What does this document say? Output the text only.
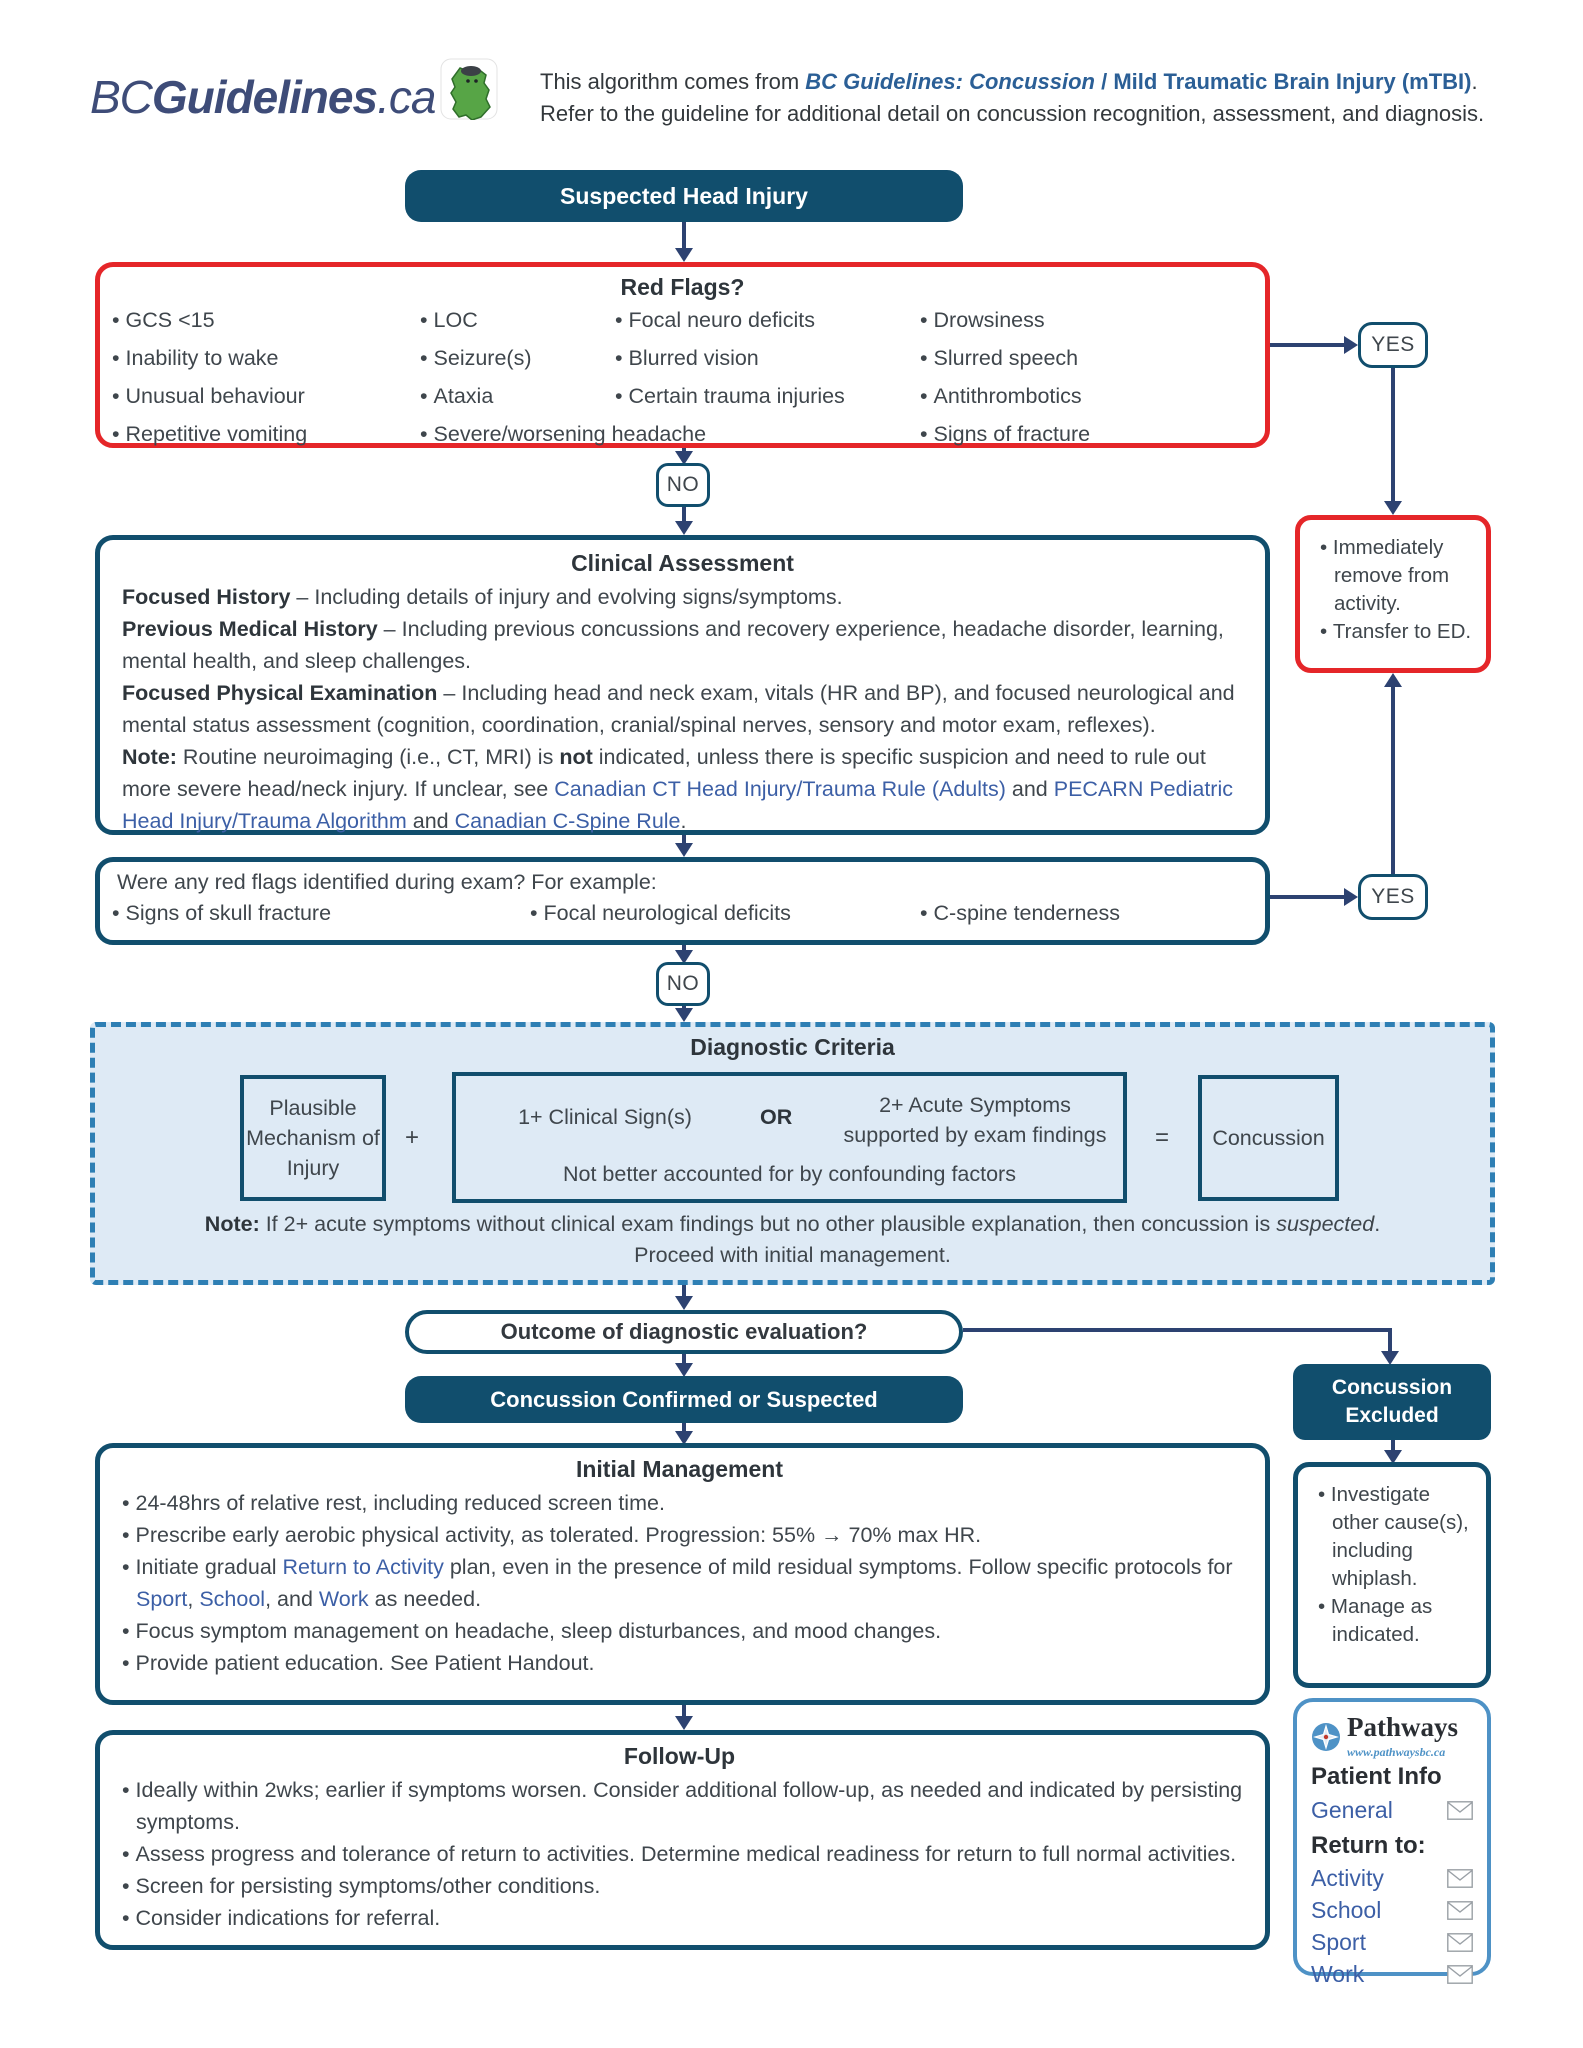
BCGuidelines.ca	This algorithm comes from BC Guidelines: Concussion / Mild Traumatic Brain Injury (mTBI).
Refer to the guideline for additional detail on concussion recognition, assessment, and diagnosis.
Suspected Head Injury
Red Flags?
• GCS <15
• Inability to wake
• Unusual behaviour
• Repetitive vomiting
• LOC
• Seizure(s)
• Ataxia
• Severe/worsening headache
• Focal neuro deficits
• Blurred vision
• Certain trauma injuries
• Drowsiness
• Slurred speech
• Antithrombotics
• Signs of fracture
YES
NO
• Immediately remove from activity.
• Transfer to ED.
Clinical Assessment
Focused History – Including details of injury and evolving signs/symptoms.
Previous Medical History – Including previous concussions and recovery experience, headache disorder, learning, mental health, and sleep challenges.
Focused Physical Examination – Including head and neck exam, vitals (HR and BP), and focused neurological and mental status assessment (cognition, coordination, cranial/spinal nerves, sensory and motor exam, reflexes).
Note: Routine neuroimaging (i.e., CT, MRI) is not indicated, unless there is specific suspicion and need to rule out more severe head/neck injury. If unclear, see Canadian CT Head Injury/Trauma Rule (Adults) and PECARN Pediatric Head Injury/Trauma Algorithm and Canadian C-Spine Rule.
Were any red flags identified during exam? For example:
• Signs of skull fracture	• Focal neurological deficits	• C-spine tenderness
YES
NO
Diagnostic Criteria
Plausible Mechanism of Injury
+
1+ Clinical Sign(s)	OR	2+ Acute Symptoms
supported by exam findings
Not better accounted for by confounding factors
=	Concussion
Note: If 2+ acute symptoms without clinical exam findings but no other plausible explanation, then concussion is suspected.
Proceed with initial management.
Outcome of diagnostic evaluation?
Concussion Confirmed or Suspected	Concussion Excluded
Initial Management
• 24-48hrs of relative rest, including reduced screen time.
• Prescribe early aerobic physical activity, as tolerated. Progression: 55% → 70% max HR.
• Initiate gradual Return to Activity plan, even in the presence of mild residual symptoms. Follow specific protocols for Sport, School, and Work as needed.
• Focus symptom management on headache, sleep disturbances, and mood changes.
• Provide patient education. See Patient Handout.
Follow-Up
• Ideally within 2wks; earlier if symptoms worsen. Consider additional follow-up, as needed and indicated by persisting symptoms.
• Assess progress and tolerance of return to activities. Determine medical readiness for return to full normal activities.
• Screen for persisting symptoms/other conditions.
• Consider indications for referral.
• Investigate other cause(s), including whiplash.
• Manage as indicated.
Pathways
www.pathwaysbc.ca
Patient Info
General
Return to:
Activity
School
Sport
Work
